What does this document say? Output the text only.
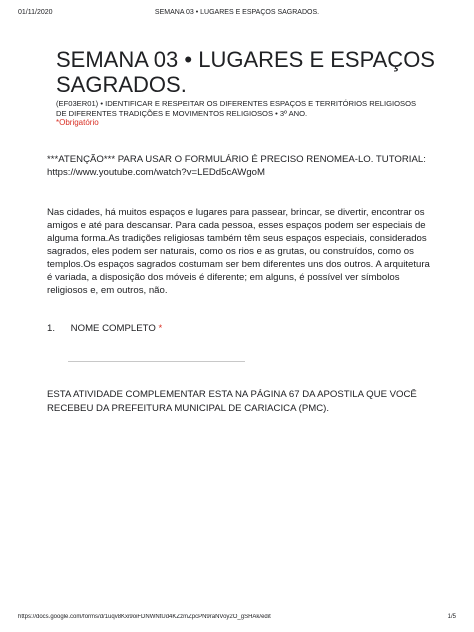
01/11/2020	SEMANA 03 • LUGARES E ESPAÇOS SAGRADOS.
SEMANA 03 • LUGARES E ESPAÇOS SAGRADOS.
(EF03ER01) • IDENTIFICAR E RESPEITAR OS DIFERENTES ESPAÇOS E TERRITÓRIOS RELIGIOSOS DE DIFERENTES TRADIÇÕES E MOVIMENTOS RELIGIOSOS • 3º ANO.
*Obrigatório
***ATENÇÃO*** PARA USAR O FORMULÁRIO É PRECISO RENOMEA-LO. TUTORIAL: https://www.youtube.com/watch?v=LEDd5cAWgoM

Nas cidades, há muitos espaços e lugares para passear, brincar, se divertir, encontrar os amigos e até para descansar. Para cada pessoa, esses espaços podem ser especiais de alguma forma.As tradições religiosas também têm seus espaços especiais, considerados sagrados, eles podem ser naturais, como os rios e as grutas, ou construídos, como os templos.Os espaços sagrados costumam ser bem diferentes uns dos outros. A arquitetura é variada, a disposição dos móveis é diferente; em alguns, é possível ver símbolos religiosos e, em outros, não.

1. NOME COMPLETO *
ESTA ATIVIDADE COMPLEMENTAR ESTA NA PÁGINA 67 DA APOSTILA QUE VOCÊ RECEBEU DA PREFEITURA MUNICIPAL DE CARIACICA (PMC).
https://docs.google.com/forms/d/1uqv8Kxi9oiFDNWNtUd4KZzmZpcPN9raNVoy2O_gSHAk/edit	1/5
